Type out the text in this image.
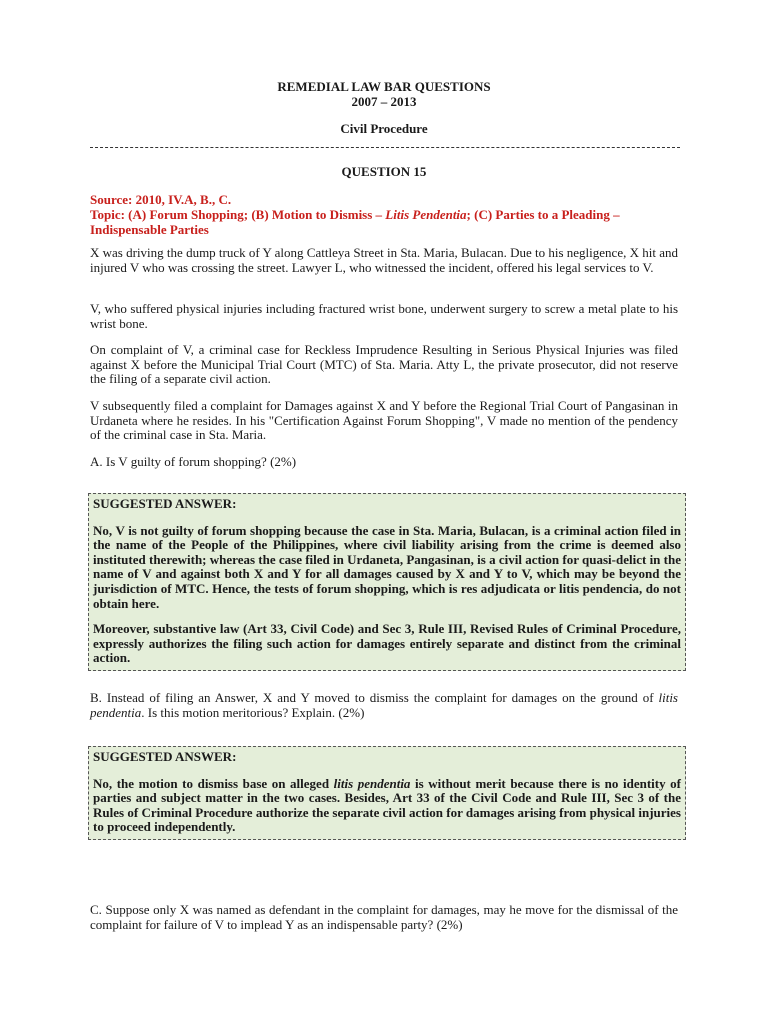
REMEDIAL LAW BAR QUESTIONS
2007 – 2013
Civil Procedure
QUESTION 15
Source: 2010, IV.A, B., C.
Topic: (A) Forum Shopping; (B) Motion to Dismiss – Litis Pendentia; (C) Parties to a Pleading – Indispensable Parties
X was driving the dump truck of Y along Cattleya Street in Sta. Maria, Bulacan. Due to his negligence, X hit and injured V who was crossing the street. Lawyer L, who witnessed the incident, offered his legal services to V.
V, who suffered physical injuries including fractured wrist bone, underwent surgery to screw a metal plate to his wrist bone.
On complaint of V, a criminal case for Reckless Imprudence Resulting in Serious Physical Injuries was filed against X before the Municipal Trial Court (MTC) of Sta. Maria. Atty L, the private prosecutor, did not reserve the filing of a separate civil action.
V subsequently filed a complaint for Damages against X and Y before the Regional Trial Court of Pangasinan in Urdaneta where he resides. In his "Certification Against Forum Shopping", V made no mention of the pendency of the criminal case in Sta. Maria.
A. Is V guilty of forum shopping? (2%)
SUGGESTED ANSWER:

No, V is not guilty of forum shopping because the case in Sta. Maria, Bulacan, is a criminal action filed in the name of the People of the Philippines, where civil liability arising from the crime is deemed also instituted therewith; whereas the case filed in Urdaneta, Pangasinan, is a civil action for quasi-delict in the name of V and against both X and Y for all damages caused by X and Y to V, which may be beyond the jurisdiction of MTC. Hence, the tests of forum shopping, which is res adjudicata or litis pendencia, do not obtain here.

Moreover, substantive law (Art 33, Civil Code) and Sec 3, Rule III, Revised Rules of Criminal Procedure, expressly authorizes the filing such action for damages entirely separate and distinct from the criminal action.

B. Instead of filing an Answer, X and Y moved to dismiss the complaint for damages on the ground of litis pendentia. Is this motion meritorious? Explain. (2%)
SUGGESTED ANSWER:

No, the motion to dismiss base on alleged litis pendentia is without merit because there is no identity of parties and subject matter in the two cases. Besides, Art 33 of the Civil Code and Rule III, Sec 3 of the Rules of Criminal Procedure authorize the separate civil action for damages arising from physical injuries to proceed independently.

C. Suppose only X was named as defendant in the complaint for damages, may he move for the dismissal of the complaint for failure of V to implead Y as an indispensable party? (2%)
